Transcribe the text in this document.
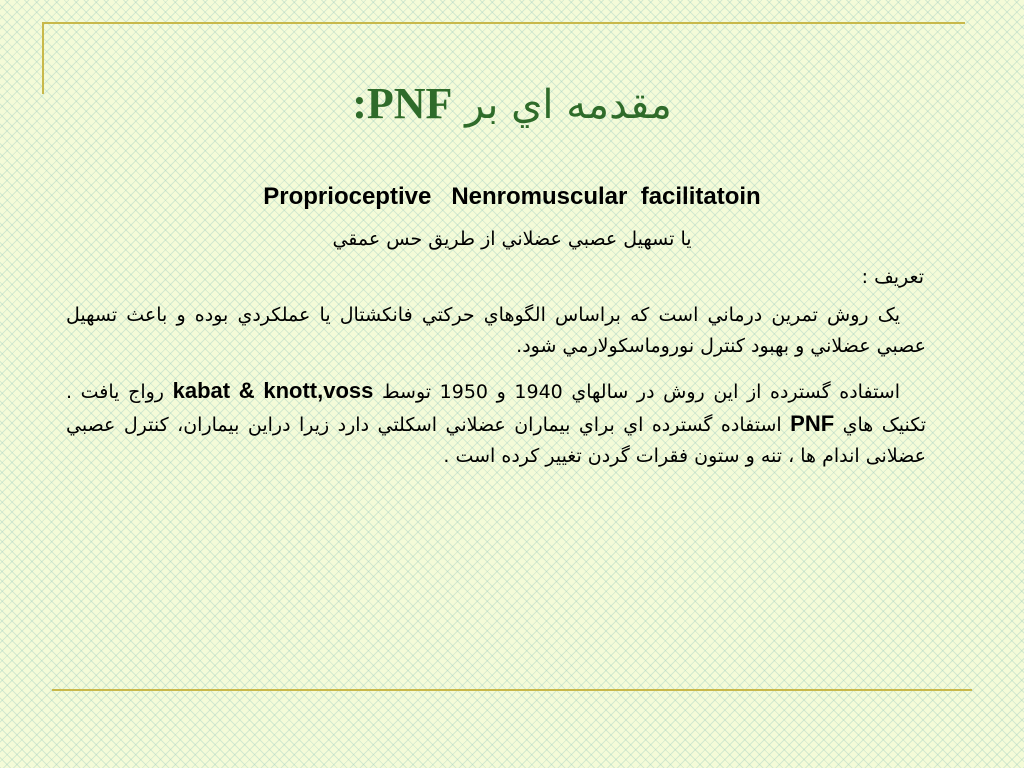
مقدمه اي بر PNF:
Proprioceptive   Nenromuscular  facilitatoin
يا تسهيل عصبي عضلاني از طريق حس عمقي
تعريف :
یک روش تمرين درماني است که براساس الگوهاي حرکتي فانکشتال يا عملکردي بوده و باعث تسهيل عصبي عضلاني و بهبود کنترل نوروماسکولارمي شود.
استفاده گسترده از اين روش در سالهاي 1940 و 1950 توسط kabat & knott,voss رواج يافت . تکنيک هاي PNF استفاده گسترده اي براي بيماران عضلاني اسکلتي دارد زيرا دراين بيماران، کنترل عصبي عضلانی اندام ها ، تنه و ستون فقرات گردن تغيير کرده است .
